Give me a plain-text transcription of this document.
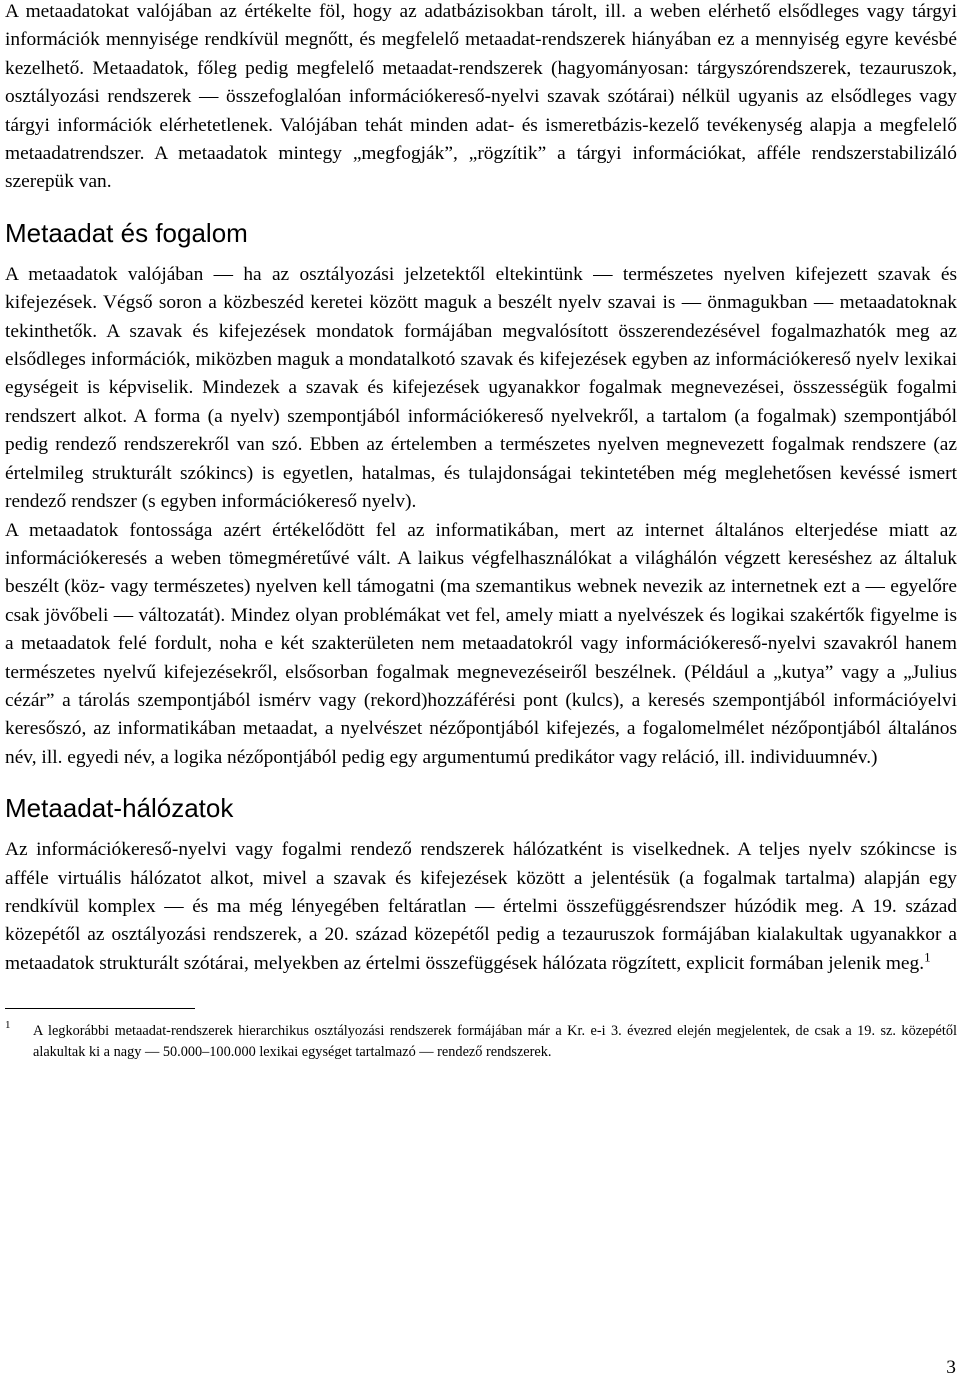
A metaadatokat valójában az értékelte föl, hogy az adatbázisokban tárolt, ill. a weben elérhető elsődleges vagy tárgyi információk mennyisége rendkívül megnőtt, és megfelelő metaadat-rendszerek hiányában ez a mennyiség egyre kevésbé kezelhető. Metaadatok, főleg pedig megfelelő metaadat-rendszerek (hagyományosan: tárgyszórendszerek, tezauruszok, osztályozási rendszerek — összefoglalóan információkereső-nyelvi szavak szótárai) nélkül ugyanis az elsődleges vagy tárgyi információk elérhetetlenek. Valójában tehát minden adat- és ismeretbázis-kezelő tevékenység alapja a megfelelő metaadatrendszer. A metaadatok mintegy „megfogják”, „rögzítik” a tárgyi információkat, afféle rendszerstabilizáló szerepük van.

Metaadat és fogalom

A metaadatok valójában — ha az osztályozási jelzetektől eltekintünk — természetes nyelven kifejezett szavak és kifejezések. Végső soron a közbeszéd keretei között maguk a beszélt nyelv szavai is — önmagukban — metaadatoknak tekinthetők. A szavak és kifejezések mondatok formájában megvalósított összerendezésével fogalmazhatók meg az elsődleges információk, miközben maguk a mondatalkotó szavak és kifejezések egyben az információkereső nyelv lexikai egységeit is képviselik. Mindezek a szavak és kifejezések ugyanakkor fogalmak megnevezései, összességük fogalmi rendszert alkot. A forma (a nyelv) szempontjából információkereső nyelvekről, a tartalom (a fogalmak) szempontjából pedig rendező rendszerekről van szó. Ebben az értelemben a természetes nyelven megnevezett fogalmak rendszere (az értelmileg strukturált szókincs) is egyetlen, hatalmas, és tulajdonságai tekintetében még meglehetősen kevéssé ismert rendező rendszer (s egyben információkereső nyelv).

A metaadatok fontossága azért értékelődött fel az informatikában, mert az internet általános elterjedése miatt az információkeresés a weben tömegméretűvé vált. A laikus végfelhasználókat a világhálón végzett kereséshez az általuk beszélt (köz- vagy természetes) nyelven kell támogatni (ma szemantikus webnek nevezik az internetnek ezt a — egyelőre csak jövőbeli — változatát). Mindez olyan problémákat vet fel, amely miatt a nyelvészek és logikai szakértők figyelme is a metaadatok felé fordult, noha e két szakterületen nem metaadatokról vagy információkereső-nyelvi szavakról hanem természetes nyelvű kifejezésekről, elsősorban fogalmak megnevezéseiről beszélnek. (Például a „kutya” vagy a „Julius cézár” a tárolás szempontjából ismérv vagy (rekord)hozzáférési pont (kulcs), a keresés szempontjából információyelvi keresőszó, az informatikában metaadat, a nyelvészet nézőpontjából kifejezés, a fogalomelmélet nézőpontjából általános név, ill. egyedi név, a logika nézőpontjából pedig egy argumentumú predikátor vagy reláció, ill. individuumnév.)

Metaadat-hálózatok

Az információkereső-nyelvi vagy fogalmi rendező rendszerek hálózatként is viselkednek. A teljes nyelv szókincse is afféle virtuális hálózatot alkot, mivel a szavak és kifejezések között a jelentésük (a fogalmak tartalma) alapján egy rendkívül komplex — és ma még lényegében feltáratlan — értelmi összefüggésrendszer húzódik meg. A 19. század közepétől az osztályozási rendszerek, a 20. század közepétől pedig a tezauruszok formájában kialakultak ugyanakkor a metaadatok strukturált szótárai, melyekben az értelmi összefüggések hálózata rögzített, explicit formában jelenik meg.$^1$

1 A legkorábbi metaadat-rendszerek hierarchikus osztályozási rendszerek formájában már a Kr. e-i 3. évezred elején megjelentek, de csak a 19. sz. közepétől alakultak ki a nagy — 50.000–100.000 lexikai egységet tartalmazó — rendező rendszerek.
3
